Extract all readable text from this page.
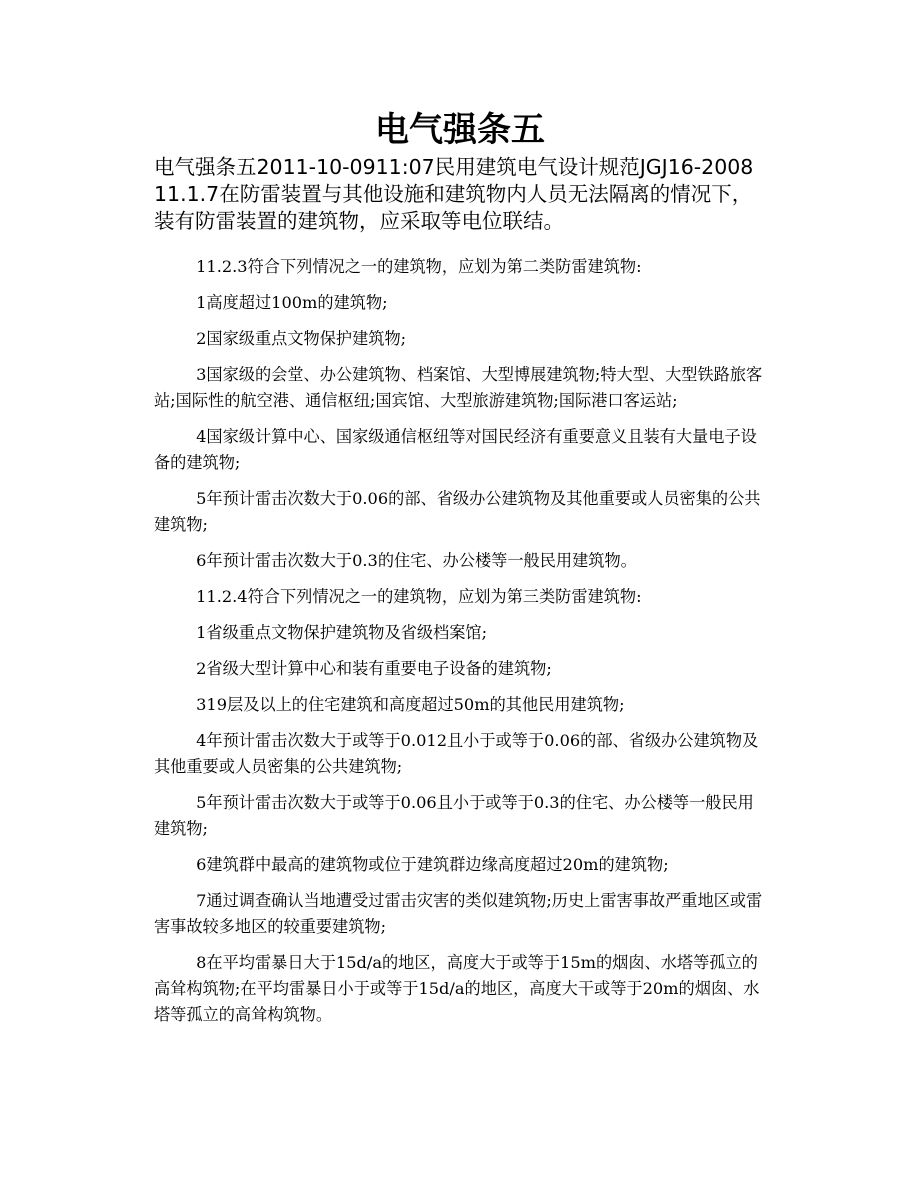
电气强条五

电气强条五2011-10-0911:07民用建筑电气设计规范JGJ16-200811.1.7在防雷装置与其他设施和建筑物内人员无法隔离的情况下，装有防雷装置的建筑物，应采取等电位联结。

11.2.3符合下列情况之一的建筑物，应划为第二类防雷建筑物:

1高度超过100m的建筑物;

2国家级重点文物保护建筑物;

3国家级的会堂、办公建筑物、档案馆、大型博展建筑物;特大型、大型铁路旅客站;国际性的航空港、通信枢纽;国宾馆、大型旅游建筑物;国际港口客运站;

4国家级计算中心、国家级通信枢纽等对国民经济有重要意义且装有大量电子设备的建筑物;

5年预计雷击次数大于0.06的部、省级办公建筑物及其他重要或人员密集的公共建筑物;

6年预计雷击次数大于0.3的住宅、办公楼等一般民用建筑物。

11.2.4符合下列情况之一的建筑物，应划为第三类防雷建筑物:

1省级重点文物保护建筑物及省级档案馆;

2省级大型计算中心和装有重要电子设备的建筑物;

319层及以上的住宅建筑和高度超过50m的其他民用建筑物;

4年预计雷击次数大于或等于0.012且小于或等于0.06的部、省级办公建筑物及其他重要或人员密集的公共建筑物;

5年预计雷击次数大于或等于0.06且小于或等于0.3的住宅、办公楼等一般民用建筑物;

6建筑群中最高的建筑物或位于建筑群边缘高度超过20m的建筑物;

7通过调查确认当地遭受过雷击灾害的类似建筑物;历史上雷害事故严重地区或雷害事故较多地区的较重要建筑物;

8在平均雷暴日大于15d/a的地区，高度大于或等于15m的烟囱、水塔等孤立的高耸构筑物;在平均雷暴日小于或等于15d/a的地区，高度大干或等于20m的烟囱、水塔等孤立的高耸构筑物。
